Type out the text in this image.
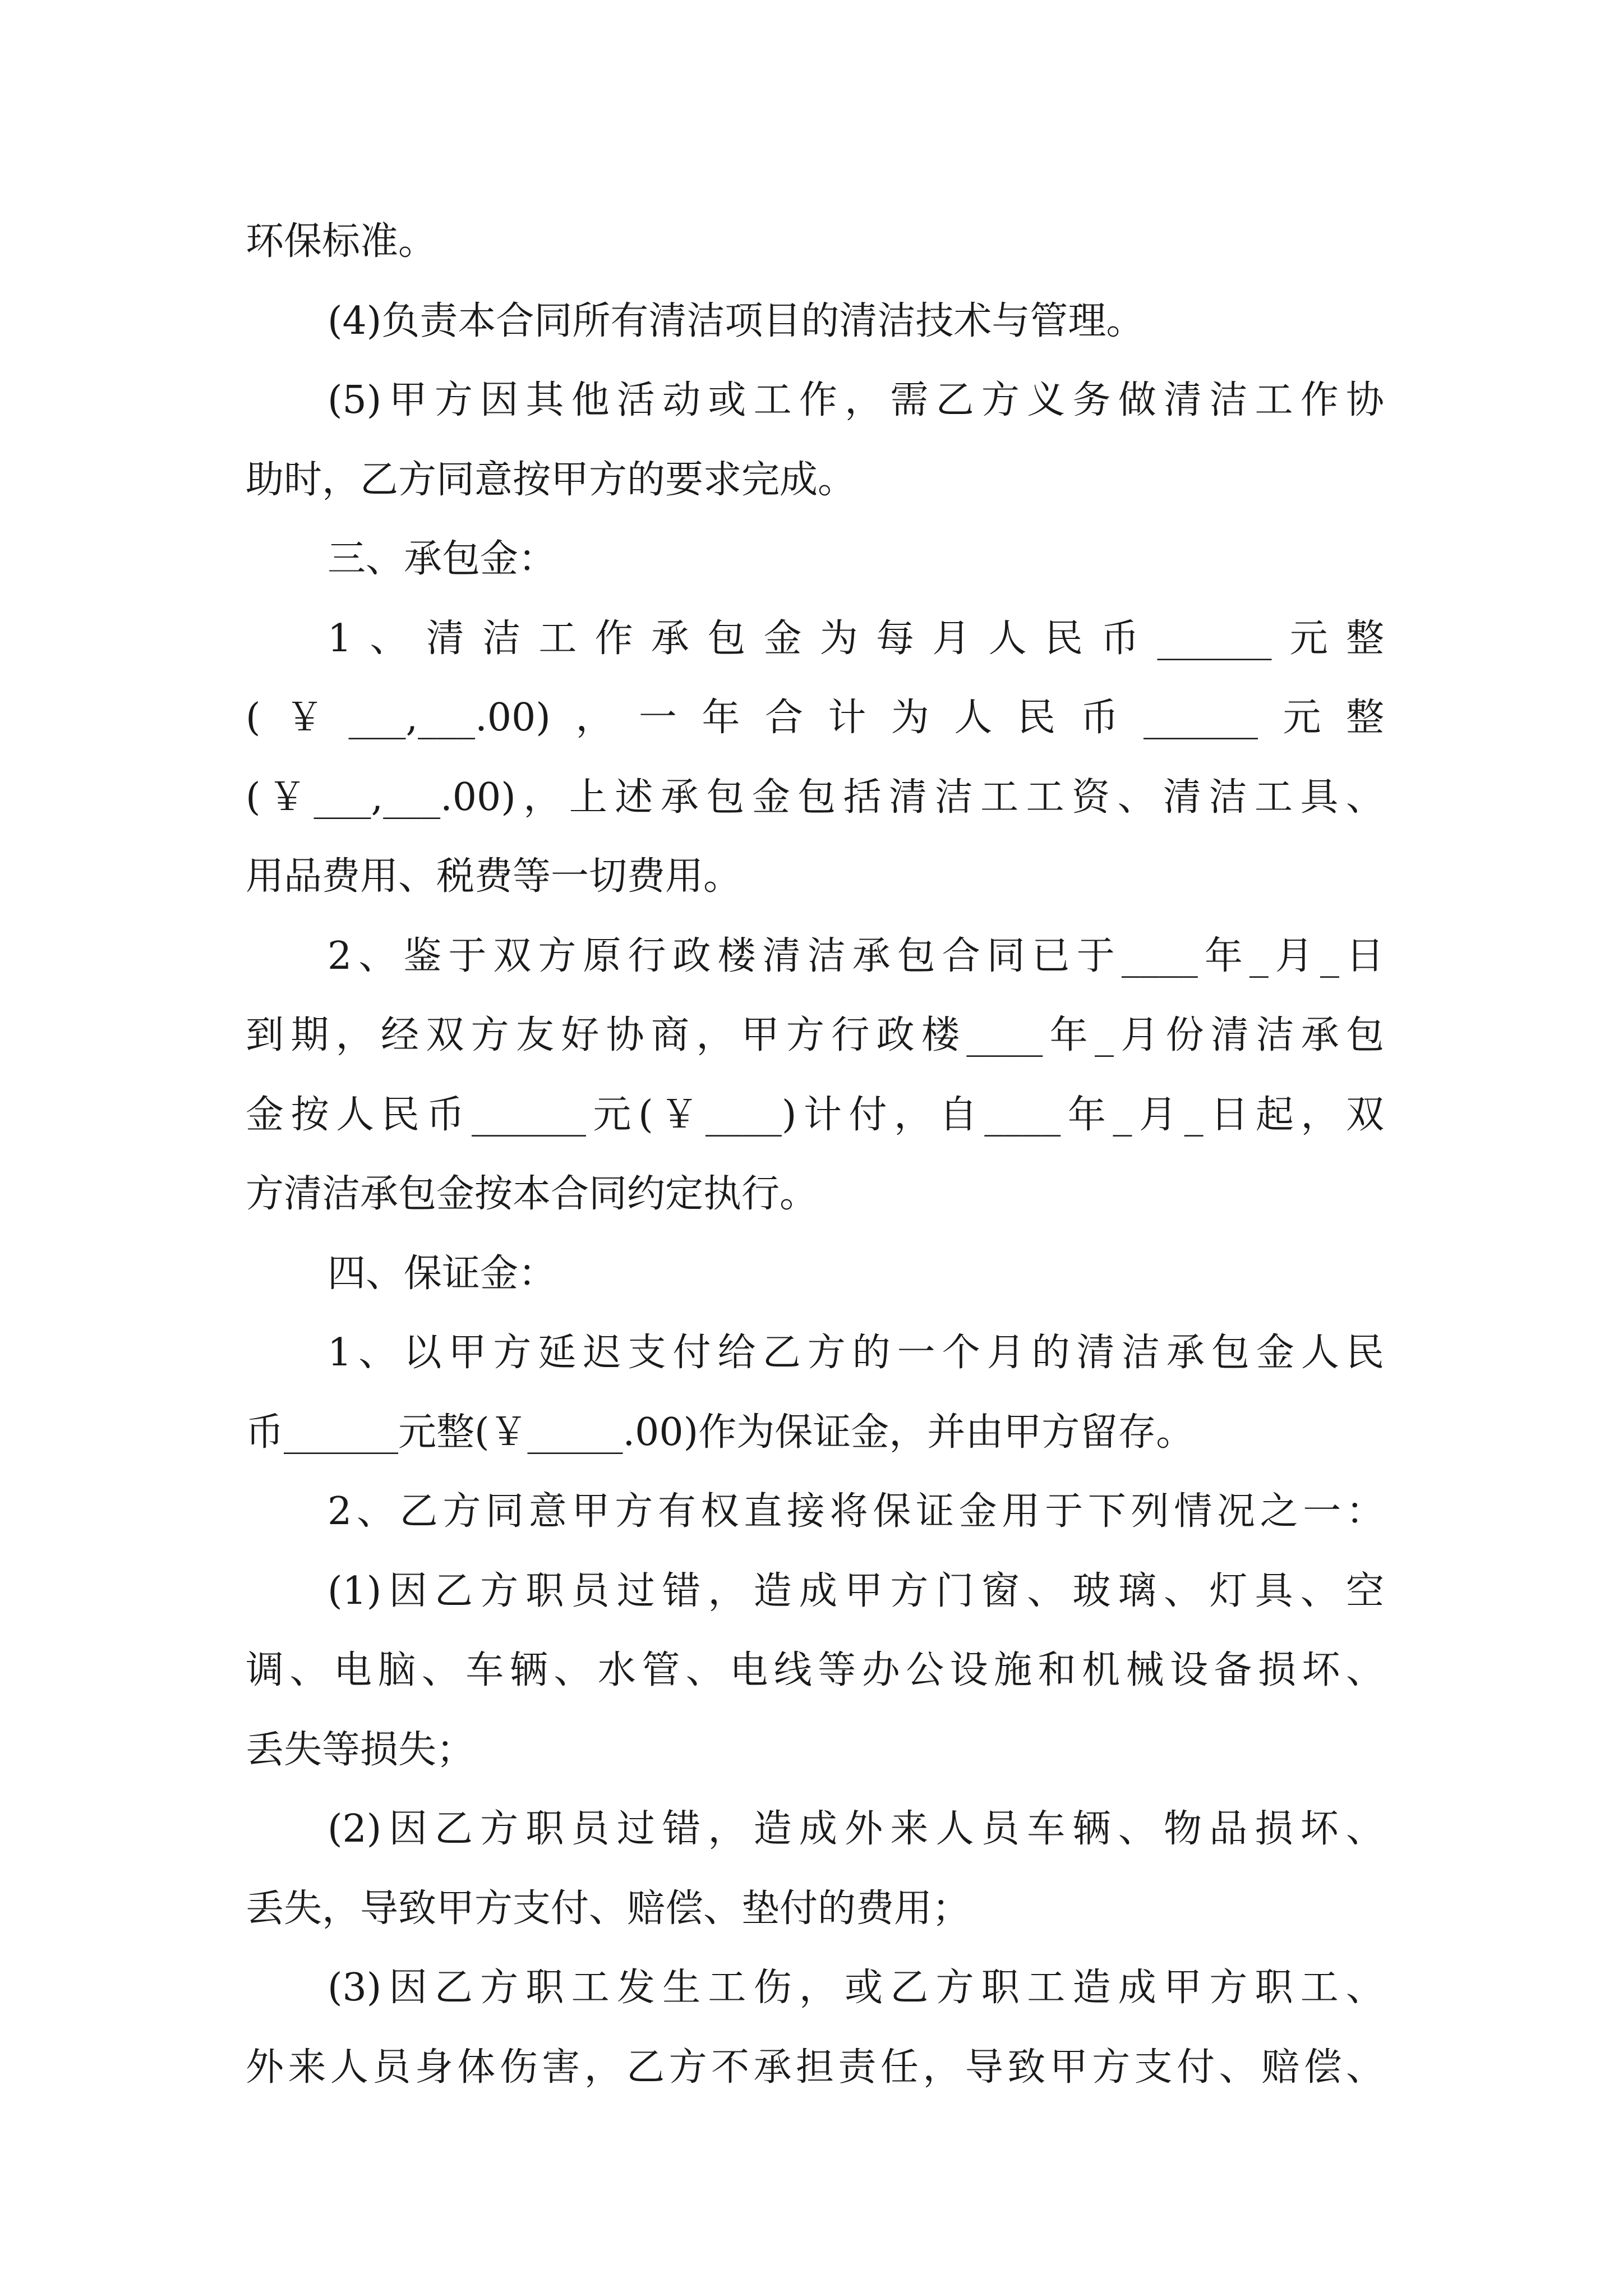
环保标准。
(4)负责本合同所有清洁项目的清洁技术与管理。
(5)甲方因其他活动或工作，需乙方义务做清洁工作协
助时，乙方同意按甲方的要求完成。
三、承包金：
1、清洁工作承包金为每月人民币______元整
(￥___,___.00)，一年合计为人民币______元整
(￥___,___.00)，上述承包金包括清洁工工资、清洁工具、
用品费用、税费等一切费用。
2、鉴于双方原行政楼清洁承包合同已于____年_月_日
到期，经双方友好协商，甲方行政楼____年_月份清洁承包
金按人民币______元(￥____)计付，自____年_月_日起，双
方清洁承包金按本合同约定执行。
四、保证金：
1、以甲方延迟支付给乙方的一个月的清洁承包金人民
币______元整(￥_____.00)作为保证金，并由甲方留存。
2、乙方同意甲方有权直接将保证金用于下列情况之一：
(1)因乙方职员过错，造成甲方门窗、玻璃、灯具、空
调、电脑、车辆、水管、电线等办公设施和机械设备损坏、
丢失等损失；
(2)因乙方职员过错，造成外来人员车辆、物品损坏、
丢失，导致甲方支付、赔偿、垫付的费用；
(3)因乙方职工发生工伤，或乙方职工造成甲方职工、
外来人员身体伤害，乙方不承担责任，导致甲方支付、赔偿、
